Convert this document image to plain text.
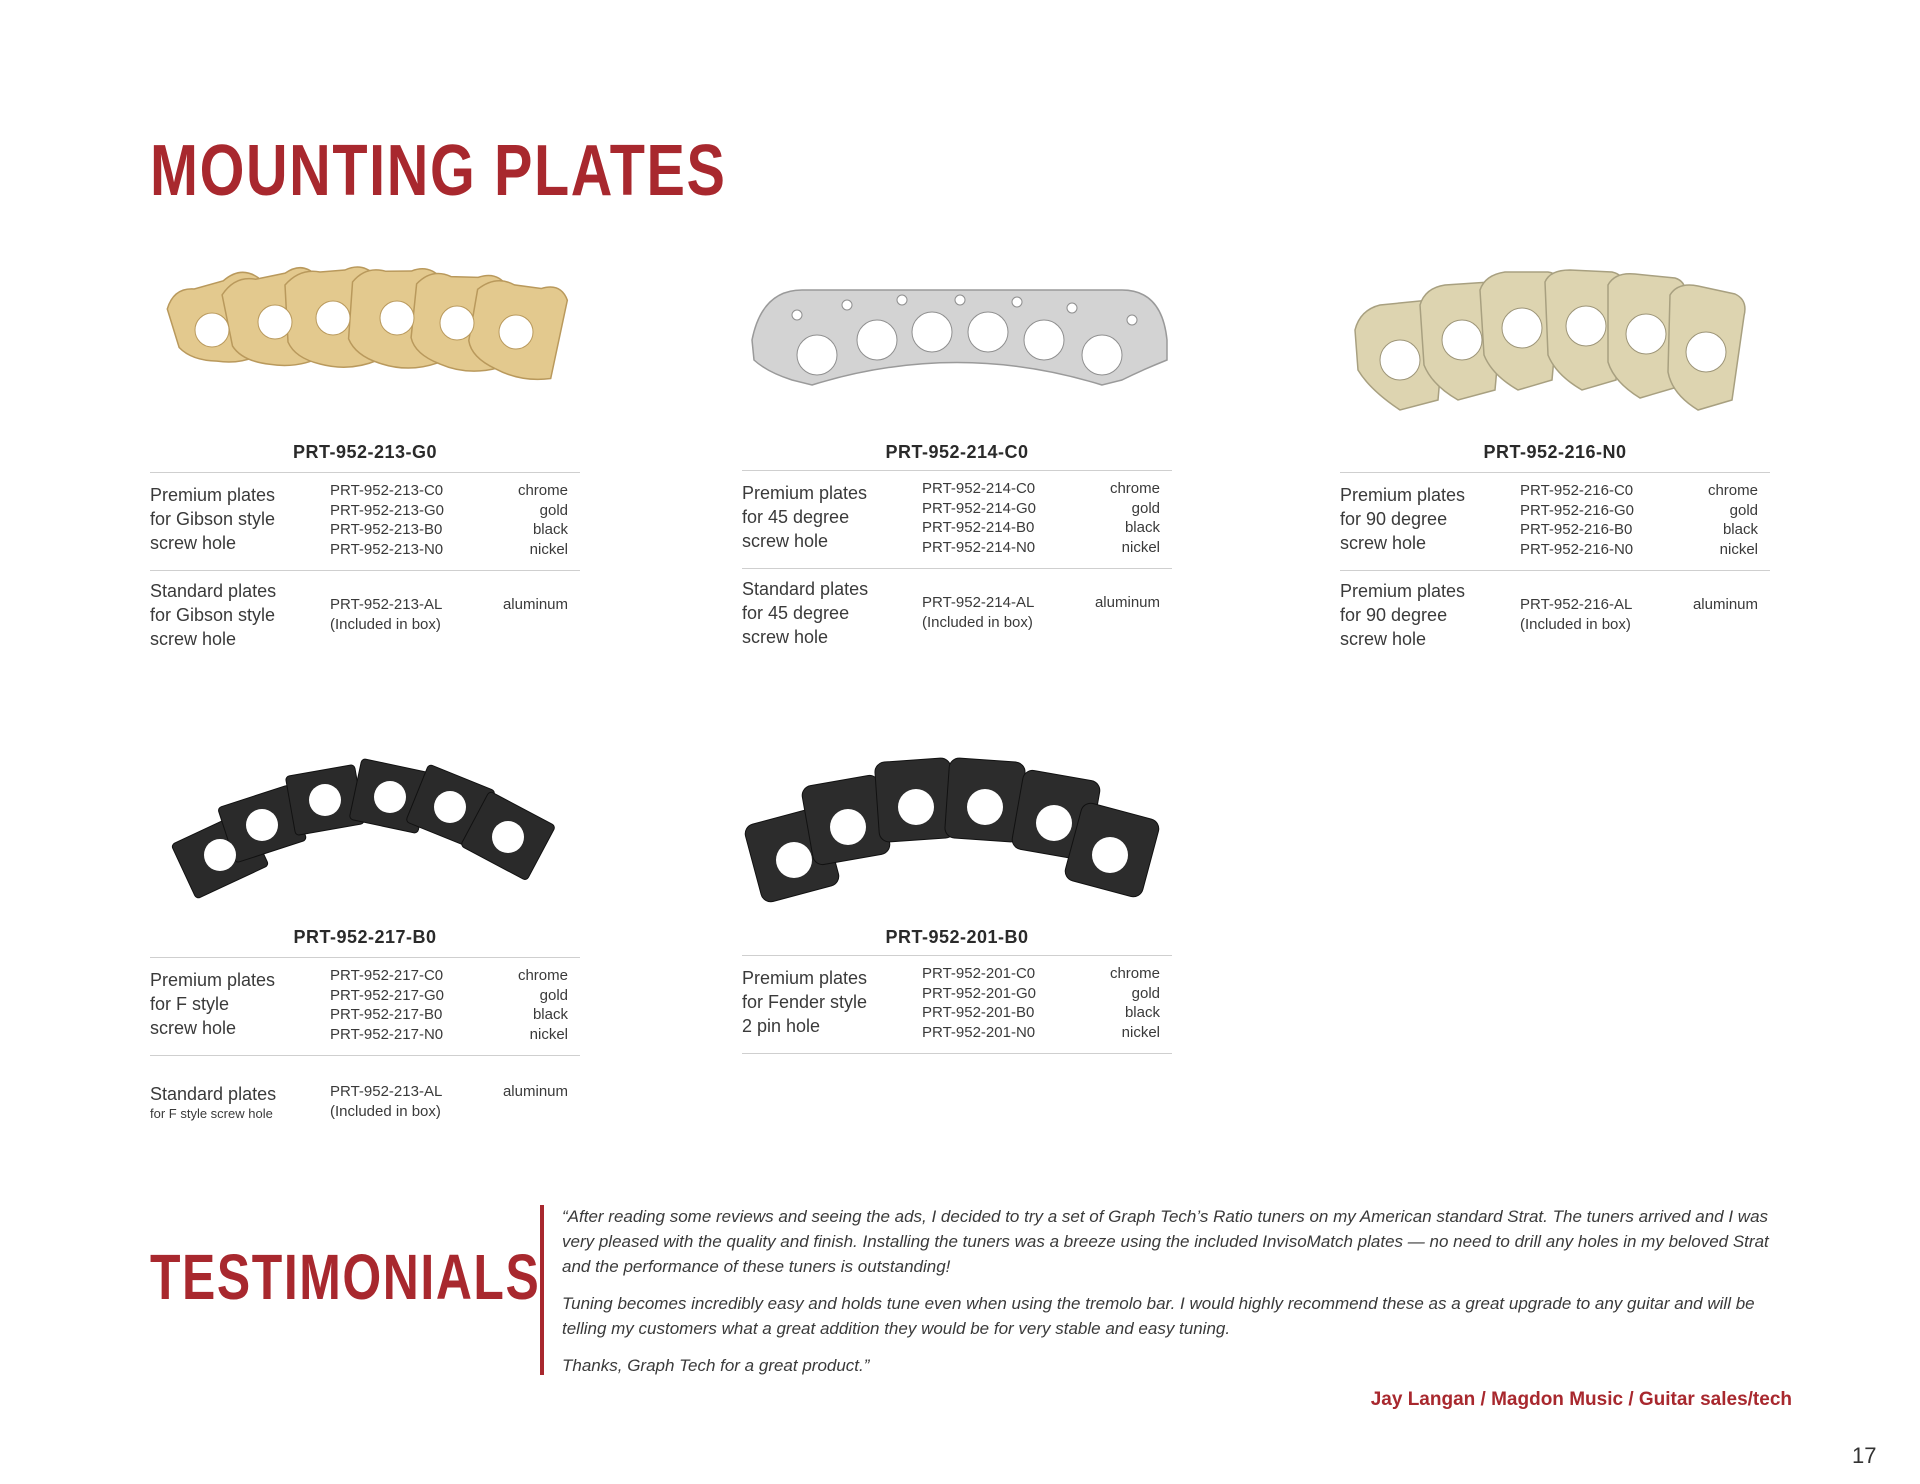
MOUNTING PLATES
PRT-952-213-G0
Premium plates
for Gibson style
screw hole
PRT-952-213-C0
PRT-952-213-G0
PRT-952-213-B0
PRT-952-213-N0
chrome
gold
black
nickel
Standard plates
for Gibson style
screw hole
PRT-952-213-AL
(Included in box)
aluminum
PRT-952-214-C0
Premium plates
for 45 degree
screw hole
PRT-952-214-C0
PRT-952-214-G0
PRT-952-214-B0
PRT-952-214-N0
chrome
gold
black
nickel
Standard plates
for 45 degree
screw hole
PRT-952-214-AL
(Included in box)
aluminum
PRT-952-216-N0
Premium plates
for 90 degree
screw hole
PRT-952-216-C0
PRT-952-216-G0
PRT-952-216-B0
PRT-952-216-N0
chrome
gold
black
nickel
Premium plates
for 90 degree
screw hole
PRT-952-216-AL
(Included in box)
aluminum
PRT-952-217-B0
Premium plates
for F style
screw hole
PRT-952-217-C0
PRT-952-217-G0
PRT-952-217-B0
PRT-952-217-N0
chrome
gold
black
nickel
Standard plates
for F style screw hole
PRT-952-213-AL
(Included in box)
aluminum
PRT-952-201-B0
Premium plates
for Fender style
2 pin hole
PRT-952-201-C0
PRT-952-201-G0
PRT-952-201-B0
PRT-952-201-N0
chrome
gold
black
nickel
TESTIMONIALS

“After reading some reviews and seeing the ads, I decided to try a set of Graph Tech’s Ratio tuners on my American standard Strat. The tuners arrived and I was very pleased with the quality and finish. Installing the tuners was a breeze using the included InvisoMatch plates — no need to drill any holes in my beloved Strat and the performance of these tuners is outstanding!

Tuning becomes incredibly easy and holds tune even when using the tremolo bar. I would highly recommend these as a great upgrade to any guitar and will be telling my customers what a great addition they would be for very stable and easy tuning.

Thanks, Graph Tech for a great product.”

Jay Langan / Magdon Music / Guitar sales/tech
17
